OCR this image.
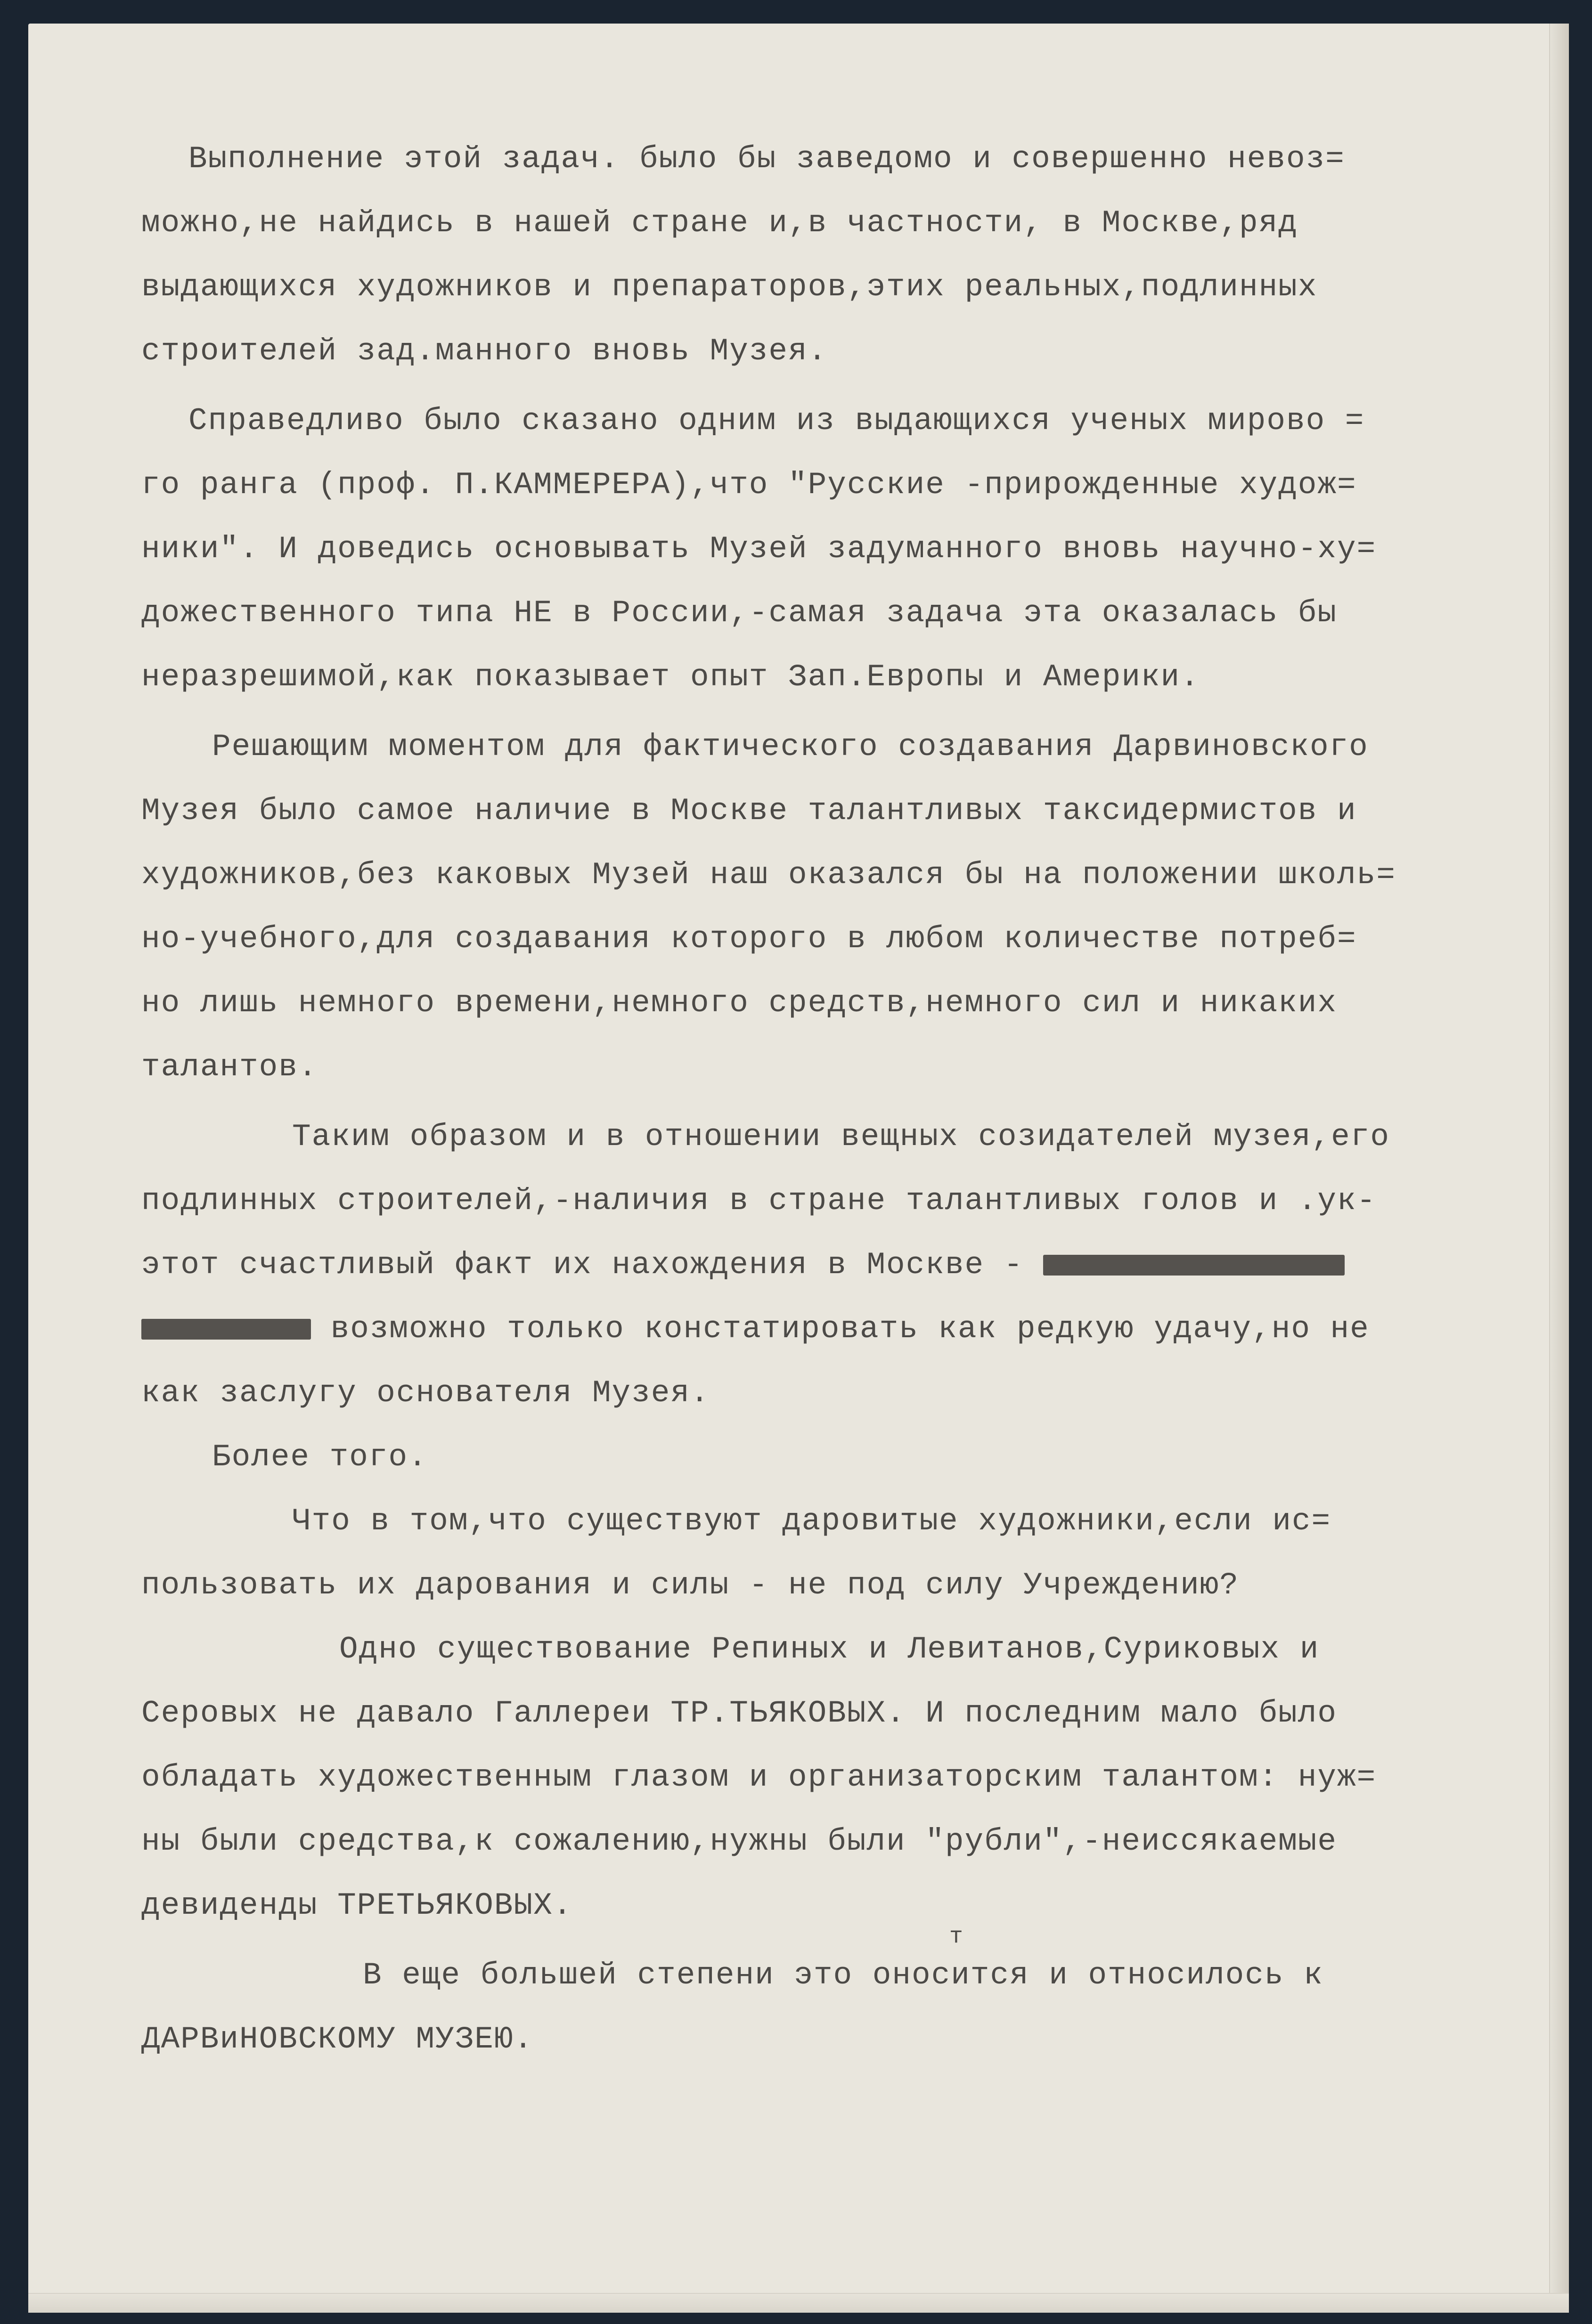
Выполнение этой задач. было бы заведомо и совершенно невоз=
можно,не найдись в нашей стране и,в частности, в Москве,ряд
выдающихся художников и препараторов,этих реальных,подлинных
строителей зад.манного вновь Музея.
Справедливо было сказано одним из выдающихся ученых мирово =
го ранга (проф. П.КАММЕРЕРА),что "Русские -прирожденные худож=
ники". И доведись основывать Музей задуманного вновь научно-ху=
дожественного типа НЕ в России,-самая задача эта оказалась бы
неразрешимой,как показывает опыт Зап.Европы и Америки.
Решающим моментом для фактического создавания Дарвиновского
Музея было самое наличие в Москве талантливых таксидермистов и
художников,без каковых Музей наш оказался бы на положении школь=
но-учебного,для создавания которого в любом количестве потреб=
но лишь немного времени,немного средств,немного сил и никаких
талантов.
Таким образом и в отношении вещных созидателей музея,его
подлинных строителей,-наличия в стране талантливых голов и .ук-
этот счастливый факт их нахождения в Москве -
возможно только констатировать как редкую удачу,но не
как заслугу основателя Музея.
Более того.
Что в том,что существуют даровитые художники,если ис=
пользовать их дарования и силы - не под силу Учреждению?
Одно существование Репиных и Левитанов,Суриковых и
Серовых не давало Галлереи ТР.ТЬЯКОВЫХ. И последним мало было
обладать художественным глазом и организаторским талантом: нуж=
ны были средства,к сожалению,нужны были "рубли",-неиссякаемые
девиденды ТРЕТЬЯКОВЫХ.
т
В еще большей степени это оносится и относилось к
ДАРВиНОВСКОМУ МУЗЕЮ.
